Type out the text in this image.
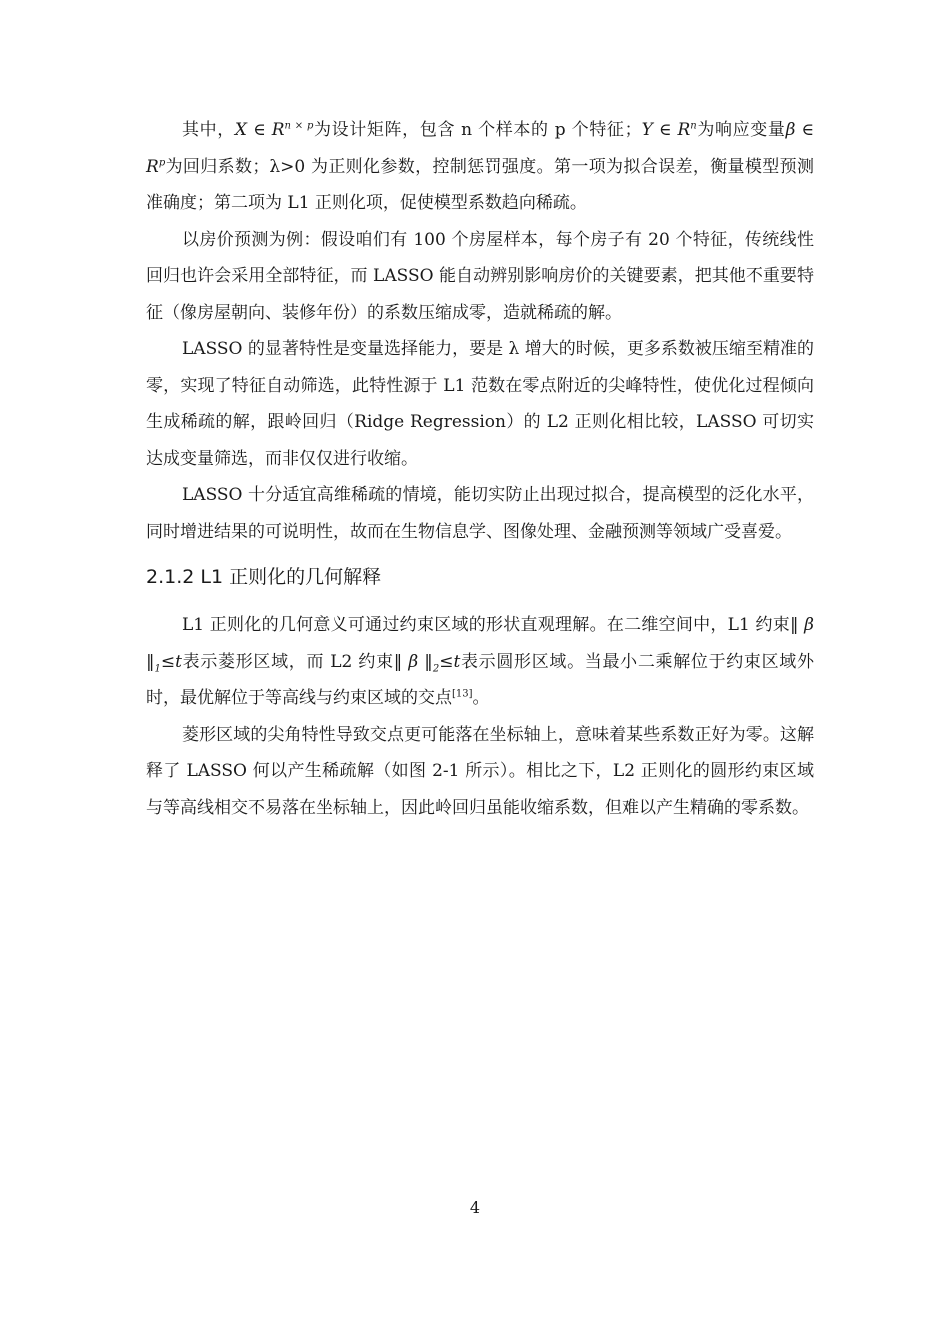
其中，X ∈ $R^{n \times p}$为设计矩阵，包含 n 个样本的 p 个特征；Y ∈ $R^n$为响应变量β ∈ $R^p$为回归系数；λ>0 为正则化参数，控制惩罚强度。第一项为拟合误差，衡量模型预测准确度；第二项为 L1 正则化项，促使模型系数趋向稀疏。

以房价预测为例：假设咱们有 100 个房屋样本，每个房子有 20 个特征，传统线性回归也许会采用全部特征，而 LASSO 能自动辨别影响房价的关键要素，把其他不重要特征（像房屋朝向、装修年份）的系数压缩成零，造就稀疏的解。

LASSO 的显著特性是变量选择能力，要是 λ 增大的时候，更多系数被压缩至精准的零，实现了特征自动筛选，此特性源于 L1 范数在零点附近的尖峰特性，使优化过程倾向生成稀疏的解，跟岭回归（Ridge Regression）的 L2 正则化相比较，LASSO 可切实达成变量筛选，而非仅仅进行收缩。

LASSO 十分适宜高维稀疏的情境，能切实防止出现过拟合，提高模型的泛化水平，同时增进结果的可说明性，故而在生物信息学、图像处理、金融预测等领域广受喜爱。

2.1.2 L1 正则化的几何解释

L1 正则化的几何意义可通过约束区域的形状直观理解。在二维空间中，L1 约束‖ β $‖_1\le t$表示菱形区域，而 L2 约束‖ β $‖_2\le t$表示圆形区域。当最小二乘解位于约束区域外时，最优解位于等高线与约束区域的交点[13]。

菱形区域的尖角特性导致交点更可能落在坐标轴上，意味着某些系数正好为零。这解释了 LASSO 何以产生稀疏解（如图 2-1 所示）。相比之下，L2 正则化的圆形约束区域与等高线相交不易落在坐标轴上，因此岭回归虽能收缩系数，但难以产生精确的零系数。

4
